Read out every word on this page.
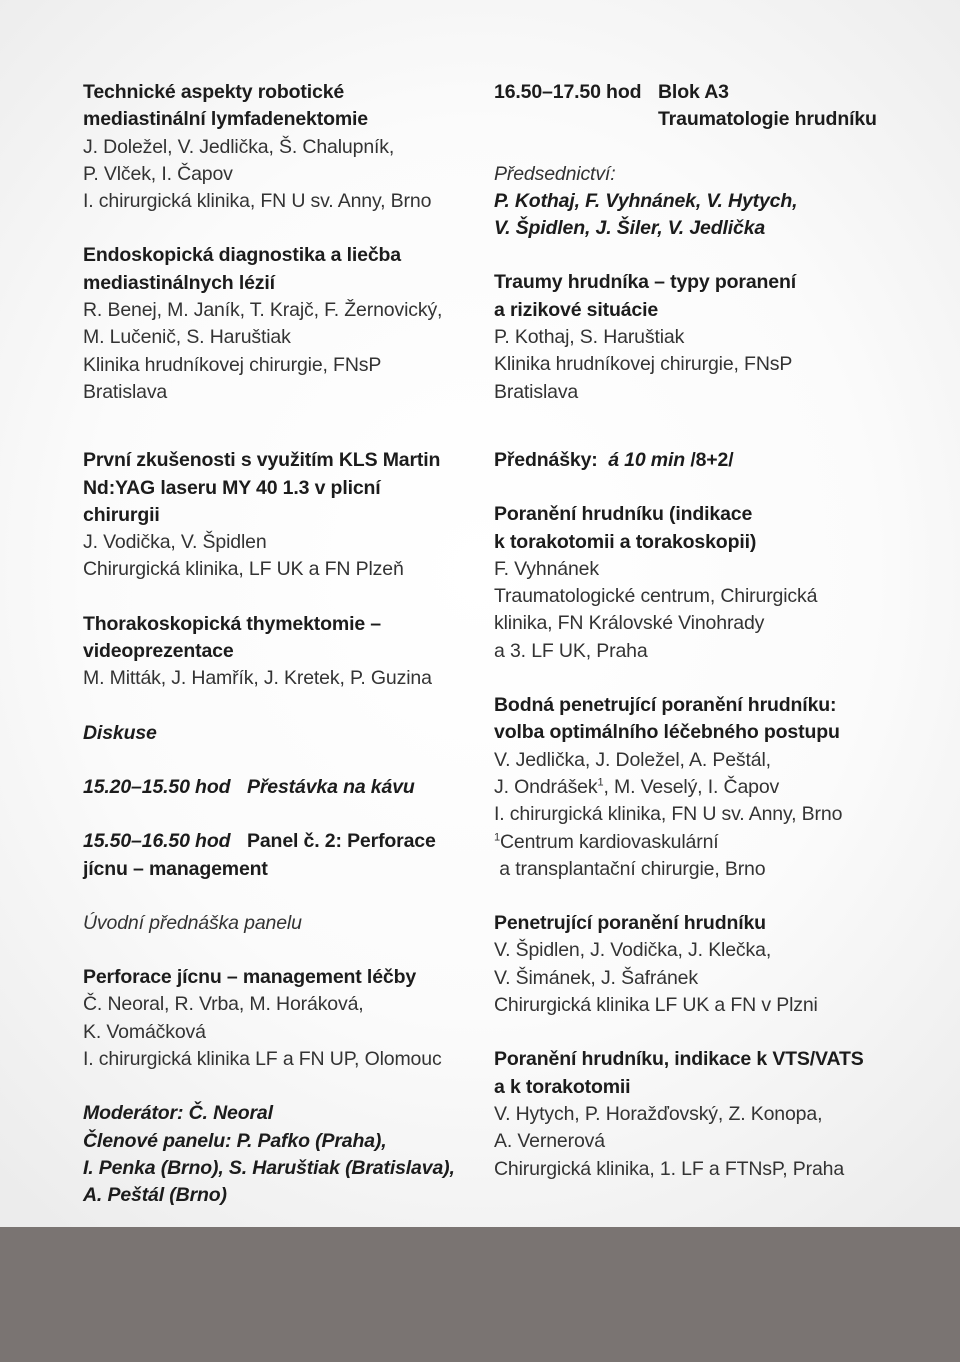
Technické aspekty robotické
mediastinální lymfadenektomie
J. Doležel, V. Jedlička, Š. Chalupník,
P. Vlček, I. Čapov
I. chirurgická klinika, FN U sv. Anny, Brno
Endoskopická diagnostika a liečba
mediastinálnych lézií
R. Benej, M. Janík, T. Krajč, F. Žernovický,
M. Lučenič, S. Haruštiak
Klinika hrudníkovej chirurgie, FNsP
Bratislava
První zkušenosti s využitím KLS Martin
Nd:YAG laseru MY 40 1.3 v plicní
chirurgii
J. Vodička, V. Špidlen
Chirurgická klinika, LF UK a FN Plzeň
Thorakoskopická thymektomie –
videoprezentace
M. Mitták, J. Hamřík, J. Kretek, P. Guzina
Diskuse
15.20–15.50 hod Přestávka na kávu
15.50–16.50 hod Panel č. 2: Perforace
jícnu – management
Úvodní přednáška panelu
Perforace jícnu – management léčby
Č. Neoral, R. Vrba, M. Horáková,
K. Vomáčková
I. chirurgická klinika LF a FN UP, Olomouc
Moderátor: Č. Neoral
Členové panelu: P. Pafko (Praha),
I. Penka (Brno), S. Haruštiak (Bratislava),
A. Peštál (Brno)
16.50–17.50 hod Blok A3
Traumatologie hrudníku
Předsednictví:
P. Kothaj, F. Vyhnánek, V. Hytych,
V. Špidlen, J. Šiler, V. Jedlička
Traumy hrudníka – typy poranení
a rizikové situácie
P. Kothaj, S. Haruštiak
Klinika hrudníkovej chirurgie, FNsP
Bratislava
Přednášky: á 10 min /8+2/
Poranění hrudníku (indikace
k torakotomii a torakoskopii)
F. Vyhnánek
Traumatologické centrum, Chirurgická
klinika, FN Královské Vinohrady
a 3. LF UK, Praha
Bodná penetrující poranění hrudníku:
volba optimálního léčebného postupu
V. Jedlička, J. Doležel, A. Peštál,
J. Ondrášek$^1$, M. Veselý, I. Čapov
I. chirurgická klinika, FN U sv. Anny, Brno
$^1$Centrum kardiovaskulární
a transplantační chirurgie, Brno
Penetrující poranění hrudníku
V. Špidlen, J. Vodička, J. Klečka,
V. Šimánek, J. Šafránek
Chirurgická klinika LF UK a FN v Plzni
Poranění hrudníku, indikace k VTS/VATS
a k torakotomii
V. Hytych, P. Horažďovský, Z. Konopa,
A. Vernerová
Chirurgická klinika, 1. LF a FTNsP, Praha
